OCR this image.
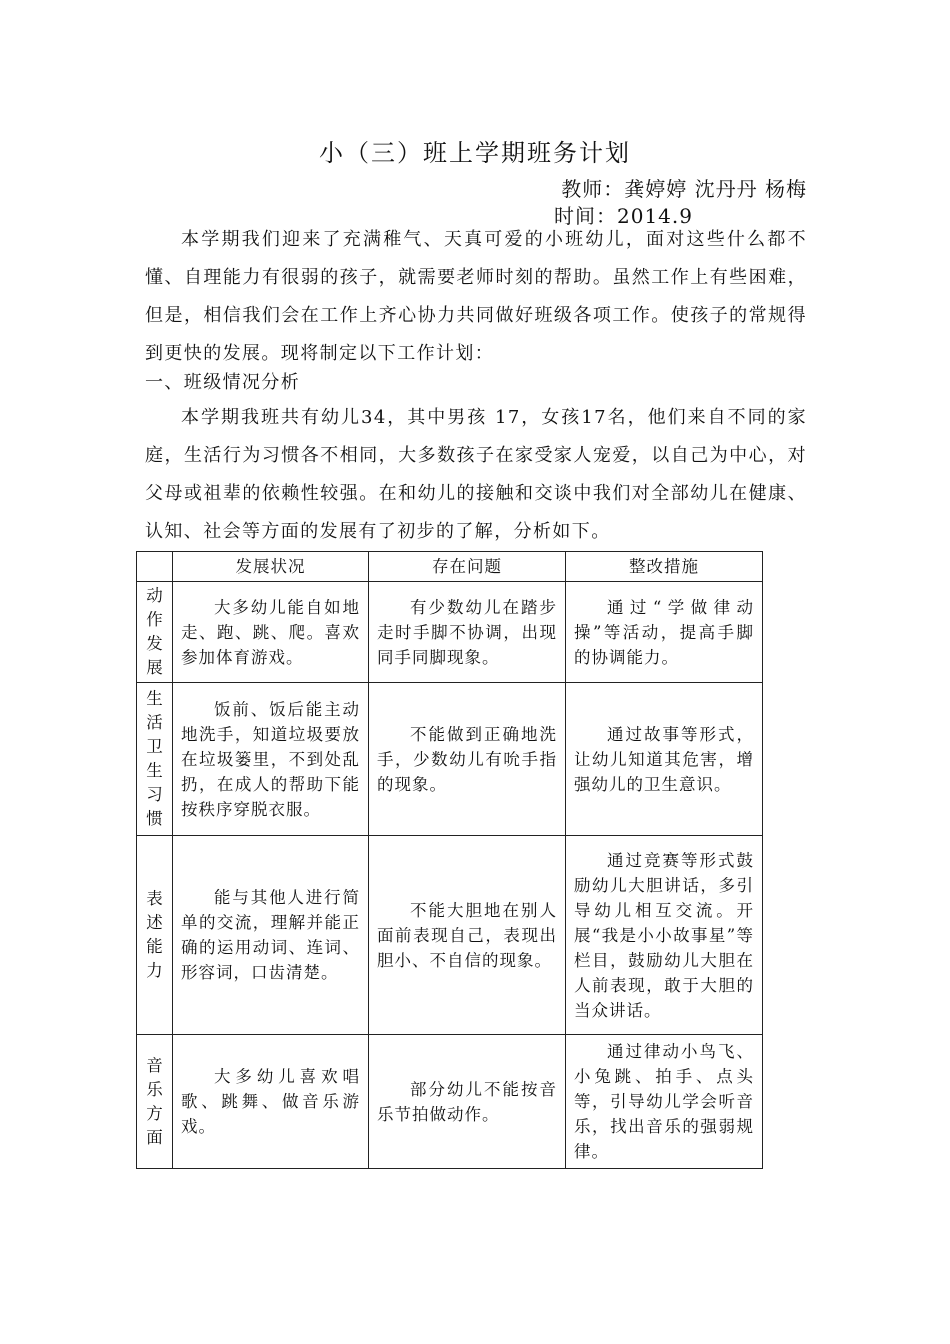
小（三）班上学期班务计划
教师：龚婷婷 沈丹丹 杨梅
时间：2014.9
本学期我们迎来了充满稚气、天真可爱的小班幼儿，面对这些什么都不懂、自理能力有很弱的孩子，就需要老师时刻的帮助。虽然工作上有些困难，但是，相信我们会在工作上齐心协力共同做好班级各项工作。使孩子的常规得到更快的发展。现将制定以下工作计划：
一、班级情况分析
本学期我班共有幼儿34，其中男孩 17，女孩17名，他们来自不同的家庭，生活行为习惯各不相同，大多数孩子在家受家人宠爱，以自己为中心，对父母或祖辈的依赖性较强。在和幼儿的接触和交谈中我们对全部幼儿在健康、认知、社会等方面的发展有了初步的了解，分析如下。
	发展状况	存在问题	整改措施
动作发展	大多幼儿能自如地走、跑、跳、爬。喜欢参加体育游戏。	有少数幼儿在踏步走时手脚不协调，出现同手同脚现象。	通过“学做律动操”等活动，提高手脚的协调能力。
生活卫生习惯	饭前、饭后能主动地洗手，知道垃圾要放在垃圾篓里，不到处乱扔，在成人的帮助下能按秩序穿脱衣服。	不能做到正确地洗手，少数幼儿有吮手指的现象。	通过故事等形式，让幼儿知道其危害，增强幼儿的卫生意识。
表述能力	能与其他人进行简单的交流，理解并能正确的运用动词、连词、形容词，口齿清楚。	不能大胆地在别人面前表现自己，表现出胆小、不自信的现象。	通过竞赛等形式鼓励幼儿大胆讲话，多引导幼儿相互交流。开展“我是小小故事星”等栏目，鼓励幼儿大胆在人前表现，敢于大胆的当众讲话。
音乐方面	大多幼儿喜欢唱歌、跳舞、做音乐游戏。	部分幼儿不能按音乐节拍做动作。	通过律动小鸟飞、小兔跳、拍手、点头等，引导幼儿学会听音乐，找出音乐的强弱规律。
